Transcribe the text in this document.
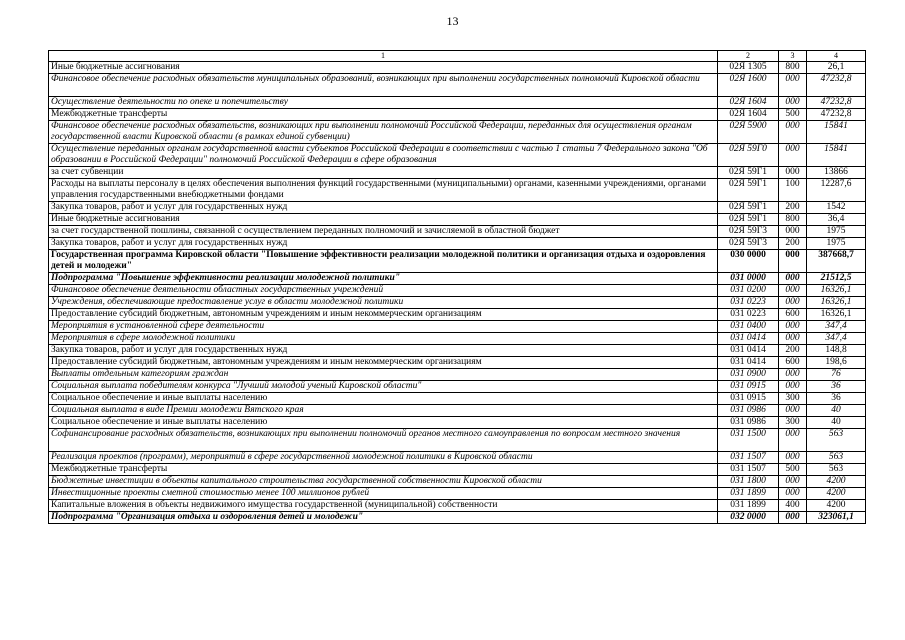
13
1	2	3	4
Иные бюджетные ассигнования	02Я 1305	800	26,1
Финансовое обеспечение расходных обязательств муниципальных образований, возникающих при выполнении государственных полномочий Кировской области	02Я 1600	000	47232,8
Осуществление деятельности по опеке и попечительству	02Я 1604	000	47232,8
Межбюджетные трансферты	02Я 1604	500	47232,8
Финансовое обеспечение расходных обязательств, возникающих при выполнении полномочий Российской Федерации, переданных для осуществления органам государственной власти Кировской области (в рамках единой субвенции)	02Я 5900	000	15841
Осуществление переданных органам государственной власти субъектов Российской Федерации в соответствии с частью 1 статьи 7 Федерального закона "Об образовании в Российской Федерации" полномочий Российской Федерации в сфере образования	02Я 59Г0	000	15841
за счет субвенции	02Я 59Г1	000	13866
Расходы на выплаты персоналу в целях обеспечения выполнения функций государственными (муниципальными) органами, казенными учреждениями, органами управления государственными внебюджетными фондами	02Я 59Г1	100	12287,6
Закупка товаров, работ и услуг для государственных нужд	02Я 59Г1	200	1542
Иные бюджетные ассигнования	02Я 59Г1	800	36,4
за счет государственной пошлины, связанной с осуществлением переданных полномочий и зачисляемой в областной бюджет	02Я 59Г3	000	1975
Закупка товаров, работ и услуг для государственных нужд	02Я 59Г3	200	1975
Государственная программа Кировской области "Повышение эффективности реализации молодежной политики и организация отдыха и оздоровления детей и молодежи"	030 0000	000	387668,7
Подпрограмма "Повышение эффективности реализации молодежной политики"	031 0000	000	21512,5
Финансовое обеспечение деятельности областных государственных учреждений	031 0200	000	16326,1
Учреждения, обеспечивающие предоставление услуг в области молодежной политики	031 0223	000	16326,1
Предоставление субсидий бюджетным, автономным учреждениям и иным некоммерческим организациям	031 0223	600	16326,1
Мероприятия в установленной сфере деятельности	031 0400	000	347,4
Мероприятия в сфере молодежной политики	031 0414	000	347,4
Закупка товаров, работ и услуг для государственных нужд	031 0414	200	148,8
Предоставление субсидий бюджетным, автономным учреждениям и иным некоммерческим организациям	031 0414	600	198,6
Выплаты отдельным категориям граждан	031 0900	000	76
Социальная выплата победителям конкурса "Лучший молодой ученый Кировской области"	031 0915	000	36
Социальное обеспечение и иные выплаты населению	031 0915	300	36
Социальная выплата в виде Премии молодежи Вятского края	031 0986	000	40
Социальное обеспечение и иные выплаты населению	031 0986	300	40
Софинансирование расходных обязательств, возникающих при выполнении полномочий органов местного самоуправления по вопросам местного значения	031 1500	000	563
Реализация проектов (программ), мероприятий в сфере государственной молодежной политики в Кировской области	031 1507	000	563
Межбюджетные трансферты	031 1507	500	563
Бюджетные инвестиции в объекты капитального строительства государственной собственности Кировской области	031 1800	000	4200
Инвестиционные проекты сметной стоимостью менее 100 миллионов рублей	031 1899	000	4200
Капитальные вложения в объекты недвижимого имущества государственной (муниципальной) собственности	031 1899	400	4200
Подпрограмма "Организация отдыха и оздоровления детей и молодежи"	032 0000	000	323061,1
